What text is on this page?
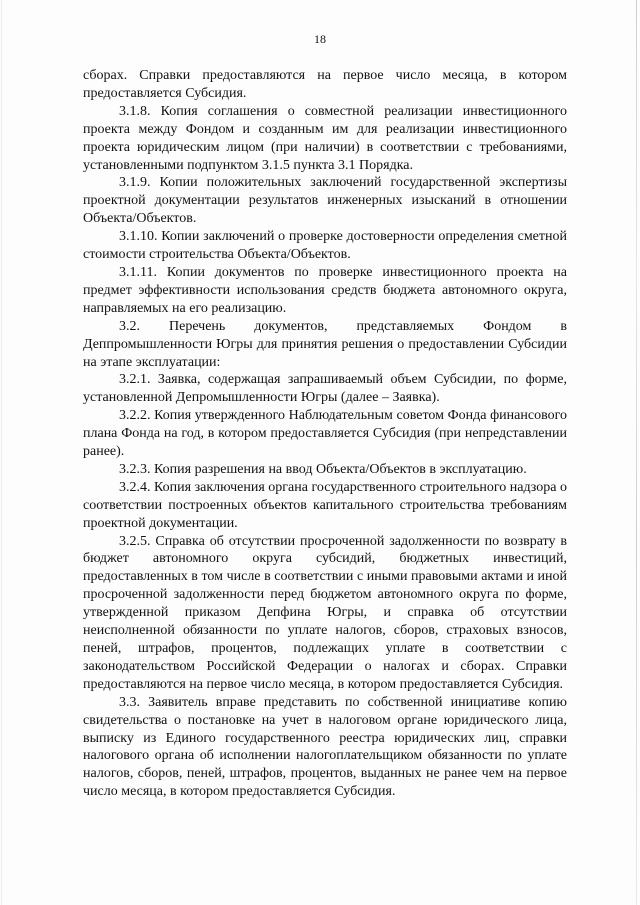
18

сборах. Справки предоставляются на первое число месяца, в котором предоставляется Субсидия.

3.1.8. Копия соглашения о совместной реализации инвестиционного проекта между Фондом и созданным им для реализации инвестиционного проекта юридическим лицом (при наличии) в соответствии с требованиями, установленными подпунктом 3.1.5 пункта 3.1 Порядка.

3.1.9. Копии положительных заключений государственной экспертизы проектной документации результатов инженерных изысканий в отношении Объекта/Объектов.

3.1.10. Копии заключений о проверке достоверности определения сметной стоимости строительства Объекта/Объектов.

3.1.11. Копии документов по проверке инвестиционного проекта на предмет эффективности использования средств бюджета автономного округа, направляемых на его реализацию.

3.2. Перечень документов, представляемых Фондом в Деппромышленности Югры для принятия решения о предоставлении Субсидии на этапе эксплуатации:

3.2.1. Заявка, содержащая запрашиваемый объем Субсидии, по форме, установленной Депромышленности Югры (далее – Заявка).

3.2.2. Копия утвержденного Наблюдательным советом Фонда финансового плана Фонда на год, в котором предоставляется Субсидия (при непредставлении ранее).

3.2.3. Копия разрешения на ввод Объекта/Объектов в эксплуатацию.

3.2.4. Копия заключения органа государственного строительного надзора о соответствии построенных объектов капитального строительства требованиям проектной документации.

3.2.5. Справка об отсутствии просроченной задолженности по возврату в бюджет автономного округа субсидий, бюджетных инвестиций, предоставленных в том числе в соответствии с иными правовыми актами и иной просроченной задолженности перед бюджетом автономного округа по форме, утвержденной приказом Депфина Югры, и справка об отсутствии неисполненной обязанности по уплате налогов, сборов, страховых взносов, пеней, штрафов, процентов, подлежащих уплате в соответствии с законодательством Российской Федерации о налогах и сборах. Справки предоставляются на первое число месяца, в котором предоставляется Субсидия.

3.3. Заявитель вправе представить по собственной инициативе копию свидетельства о постановке на учет в налоговом органе юридического лица, выписку из Единого государственного реестра юридических лиц, справки налогового органа об исполнении налогоплательщиком обязанности по уплате налогов, сборов, пеней, штрафов, процентов, выданных не ранее чем на первое число месяца, в котором предоставляется Субсидия.
